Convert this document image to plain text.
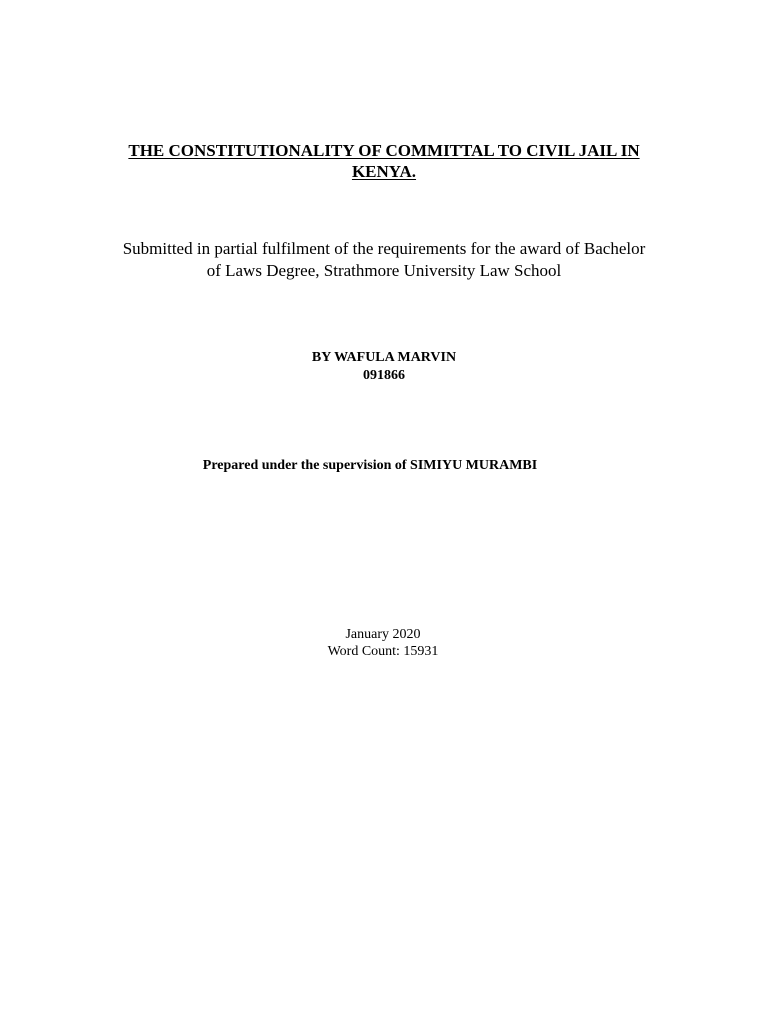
THE CONSTITUTIONALITY OF COMMITTAL TO CIVIL JAIL IN
KENYA.
Submitted in partial fulfilment of the requirements for the award of Bachelor
of Laws Degree, Strathmore University Law School
BY WAFULA MARVIN
091866
Prepared under the supervision of SIMIYU MURAMBI
January 2020
Word Count: 15931
